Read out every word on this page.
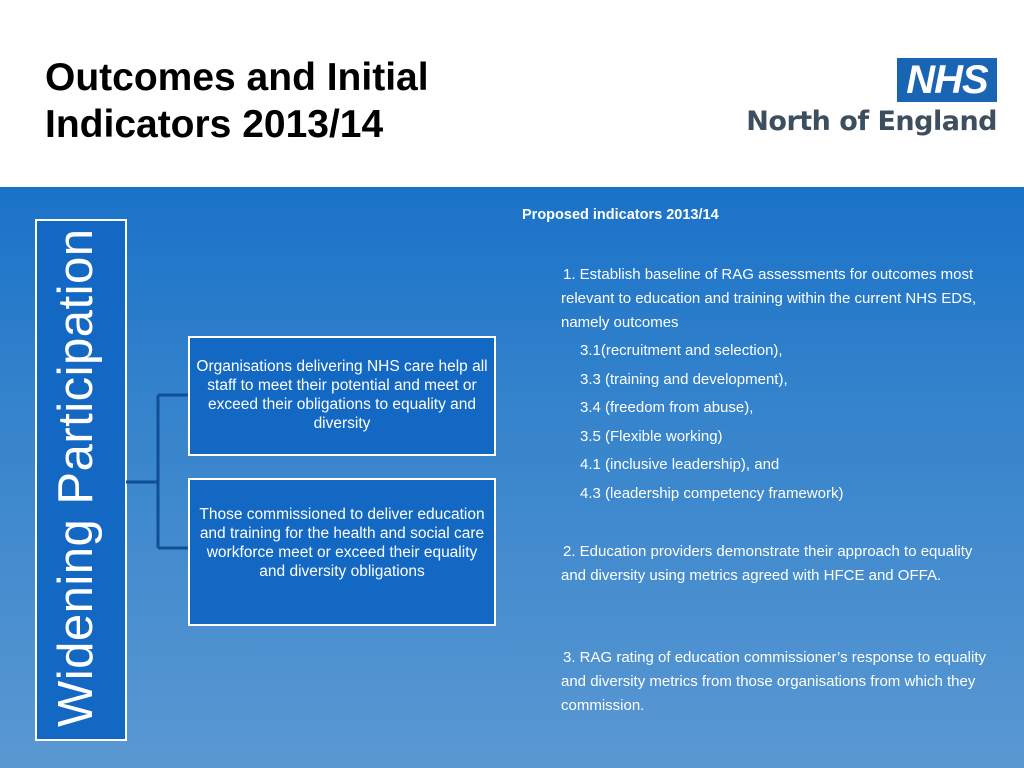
Outcomes and Initial
Indicators 2013/14
NHS
North of England
Widening Participation	Organisations delivering NHS care help all staff to meet their potential and meet or exceed their obligations to equality and diversity
Those commissioned to deliver education and training for the health and social care workforce meet or exceed their equality and diversity obligations
Proposed indicators 2013/14
1. Establish baseline of RAG assessments for outcomes most relevant to education and training within the current NHS EDS, namely outcomes
3.1(recruitment and selection),
3.3 (training and development),
3.4 (freedom from abuse),
3.5 (Flexible working)
4.1 (inclusive leadership), and
4.3 (leadership competency framework)
2. Education providers demonstrate their approach to equality and diversity using metrics agreed with HFCE and OFFA.
3. RAG rating of education commissioner’s response to equality and diversity metrics from those organisations from which they commission.
